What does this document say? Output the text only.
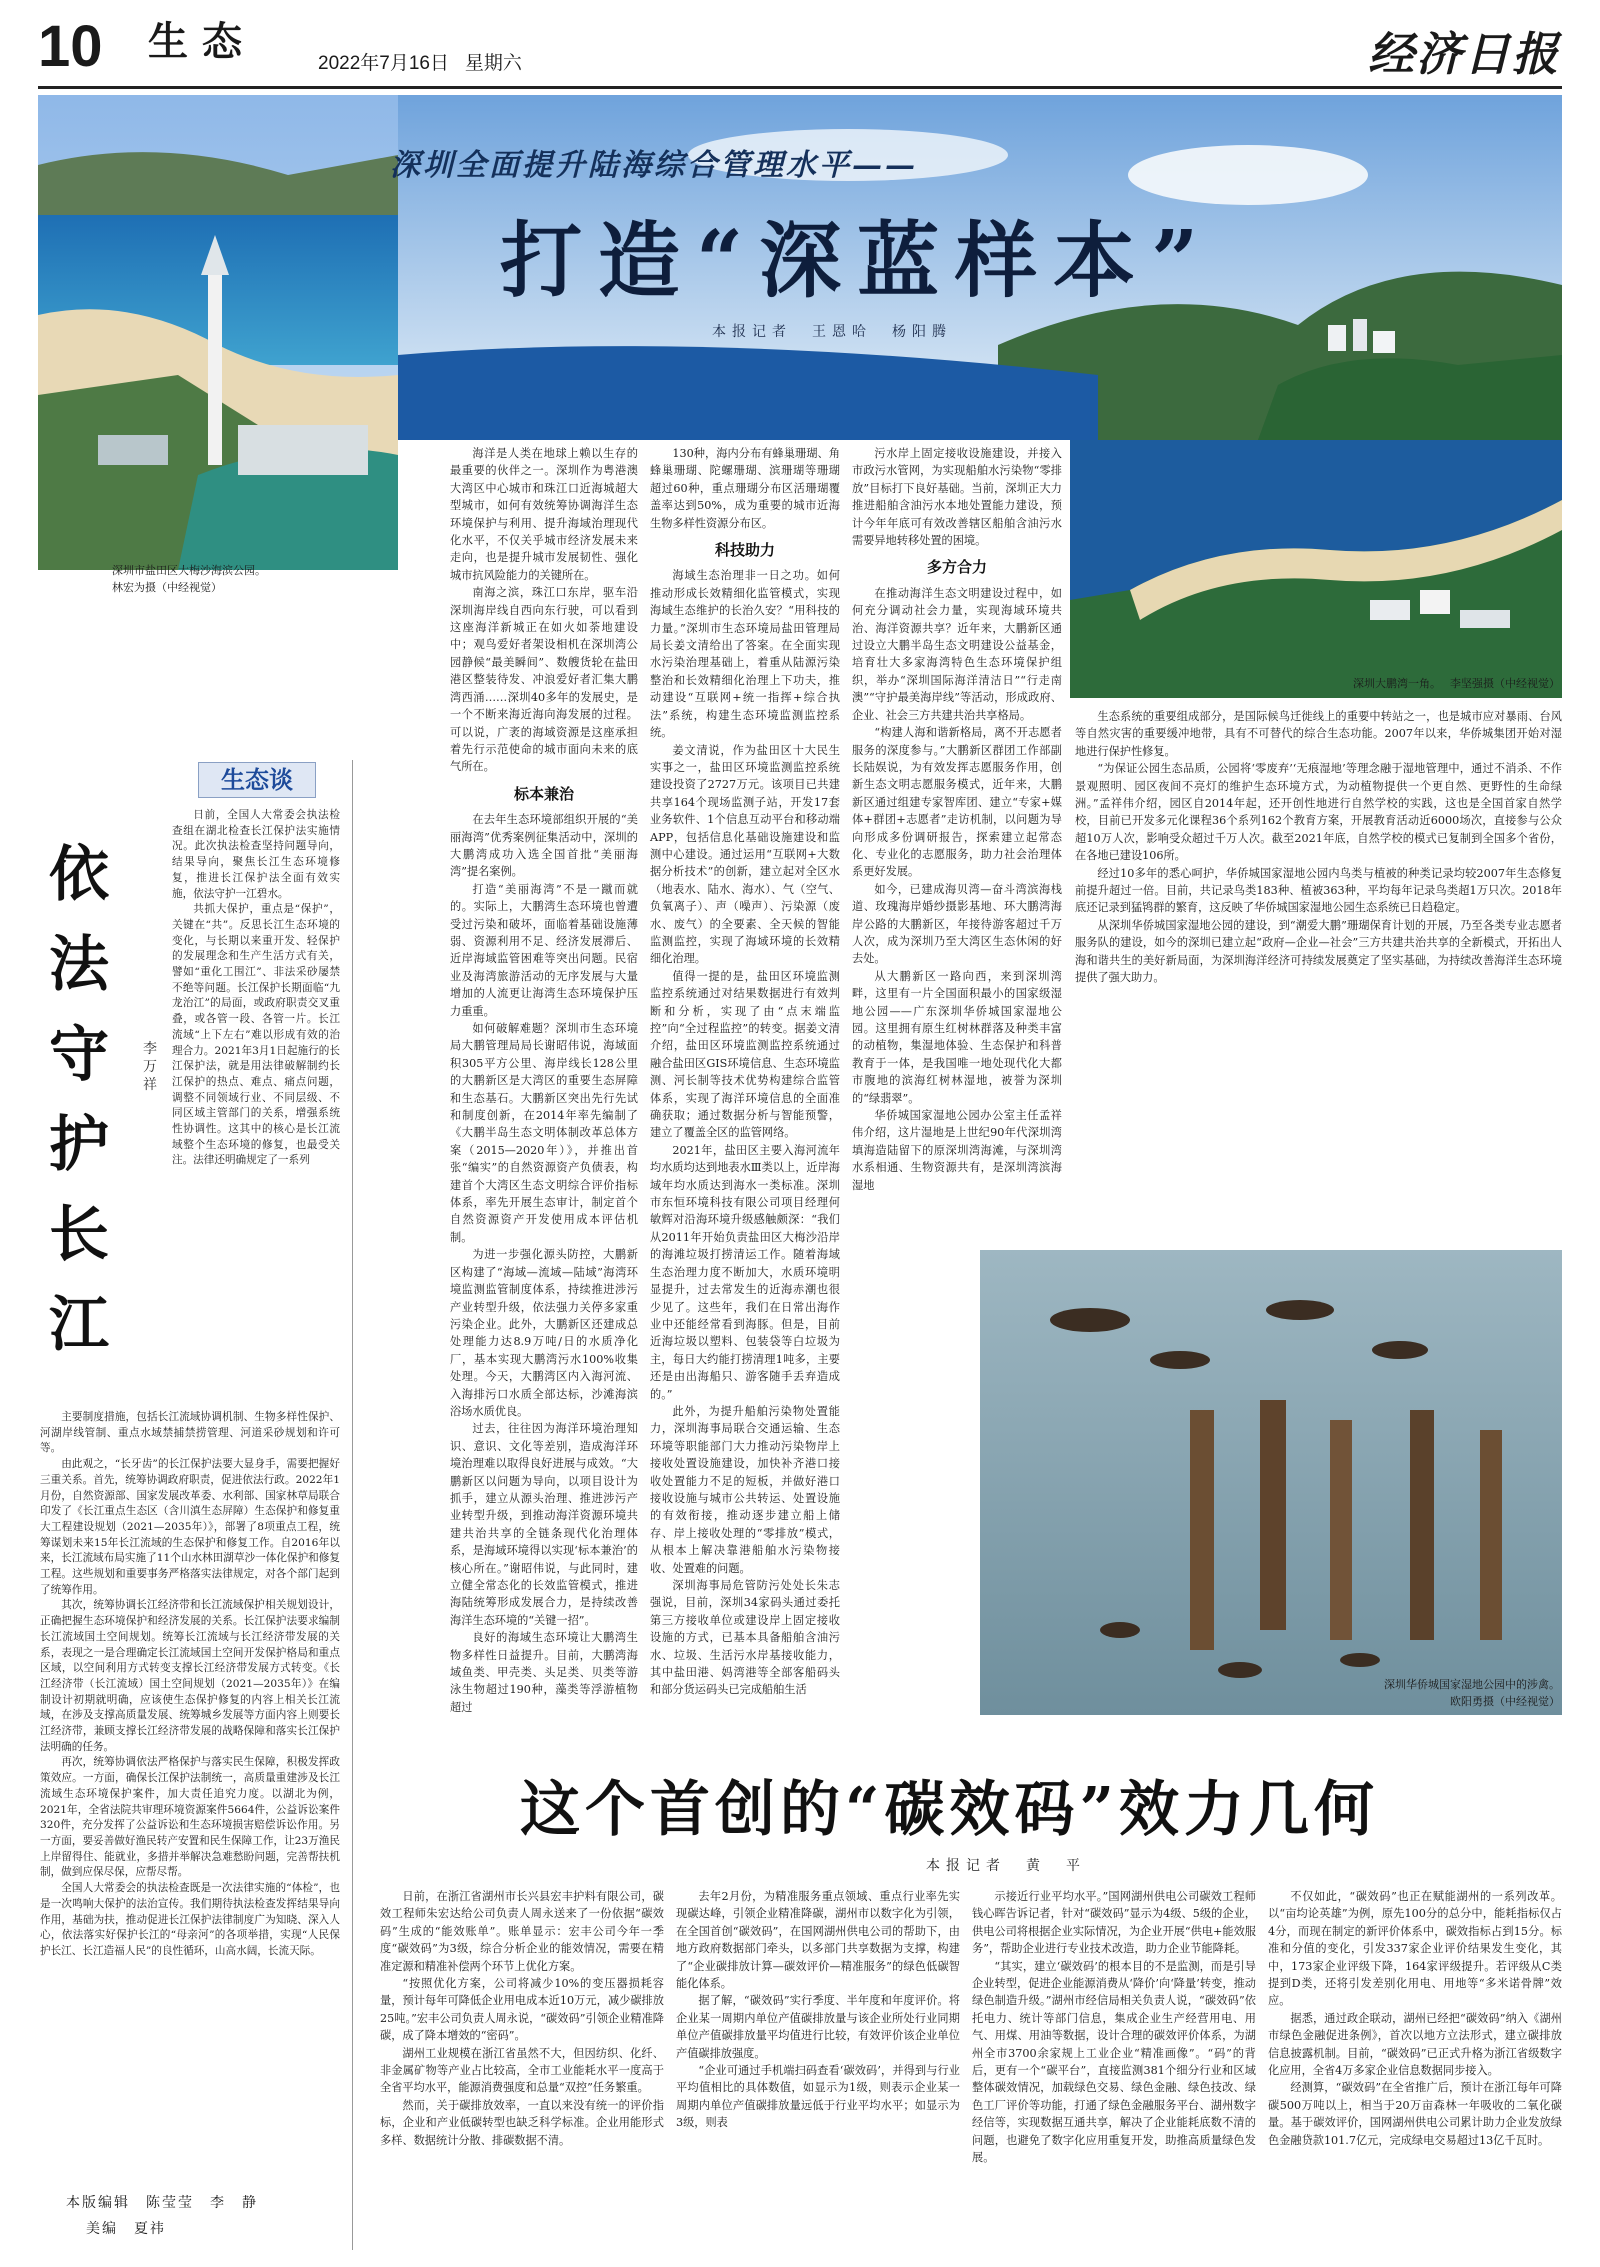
10 生态	2022年7月16日 星期六	经济日报
深圳市盐田区大梅沙海滨公园。
林宏为摄（中经视觉）
深圳大鹏湾一角。　 李坚强摄（中经视觉）
深圳华侨城国家湿地公园中的涉禽。
欧阳勇摄（中经视觉）
深圳全面提升陆海综合管理水平——
打造“深蓝样本”
本报记者　王恩哈　杨阳腾

海洋是人类在地球上赖以生存的最重要的伙伴之一。深圳作为粤港澳大湾区中心城市和珠江口近海城超大型城市，如何有效统筹协调海洋生态环境保护与利用、提升海域治理现代化水平，不仅关乎城市经济发展未来走向，也是提升城市发展韧性、强化城市抗风险能力的关键所在。

南海之滨，珠江口东岸，驱车沿深圳海岸线自西向东行驶，可以看到这座海洋新城正在如火如荼地建设中；观鸟爱好者架设相机在深圳湾公园静候“最美瞬间”、数艘货轮在盐田港区整装待发、冲浪爱好者汇集大鹏湾西涌……深圳40多年的发展史，是一个不断来海近海向海发展的过程。可以说，广袤的海域资源是这座承担着先行示范使命的城市面向未来的底气所在。

标本兼治

在去年生态环境部组织开展的“美丽海湾”优秀案例征集活动中，深圳的大鹏湾成功入选全国首批“美丽海湾”提名案例。

打造“美丽海湾”不是一蹴而就的。实际上，大鹏湾生态环境也曾遭受过污染和破坏，面临着基础设施薄弱、资源利用不足、经济发展滞后、近岸海域监管困难等突出问题。民宿业及海湾旅游活动的无序发展与大量增加的人流更让海湾生态环境保护压力重重。

如何破解难题？深圳市生态环境局大鹏管理局局长谢昭伟说，海域面积305平方公里、海岸线长128公里的大鹏新区是大湾区的重要生态屏障和生态基石。大鹏新区突出先行先试和制度创新，在2014年率先编制了《大鹏半岛生态文明体制改革总体方案（2015—2020年）》，并推出首张“编实”的自然资源资产负债表，构建首个大湾区生态文明综合评价指标体系，率先开展生态审计，制定首个自然资源资产开发使用成本评估机制。

为进一步强化源头防控，大鹏新区构建了“海域—流域—陆域”海湾环境监测监管制度体系，持续推进涉污产业转型升级，依法强力关停多家重污染企业。此外，大鹏新区还建成总处理能力达8.9万吨/日的水质净化厂，基本实现大鹏湾污水100%收集处理。今天，大鹏湾区内入海河流、入海排污口水质全部达标，沙滩海滨浴场水质优良。

过去，往往因为海洋环境治理知识、意识、文化等差别，造成海洋环境治理难以取得良好进展与成效。“大鹏新区以问题为导向，以项目设计为抓手，建立从源头治理、推进涉污产业转型升级，到推动海洋资源环境共建共治共享的全链条现代化治理体系，是海域环境得以实现‘标本兼治’的核心所在。”谢昭伟说，与此同时，建立健全常态化的长效监管模式，推进海陆统筹形成发展合力，是持续改善海洋生态环境的“关键一招”。

良好的海域生态环境让大鹏湾生物多样性日益提升。目前，大鹏湾海域鱼类、甲壳类、头足类、贝类等游泳生物超过190种，藻类等浮游植物超过

130种，海内分布有蜂巢珊瑚、角蜂巢珊瑚、陀螺珊瑚、滨珊瑚等珊瑚超过60种，重点珊瑚分布区活珊瑚覆盖率达到50%，成为重要的城市近海生物多样性资源分布区。

科技助力

海域生态治理非一日之功。如何推动形成长效精细化监管模式，实现海域生态维护的长治久安？“用科技的力量。”深圳市生态环境局盐田管理局局长姜文清给出了答案。在全面实现水污染治理基础上，着重从陆源污染整治和长效精细化治理上下功夫，推动建设“互联网+统一指挥+综合执法”系统，构建生态环境监测监控系统。

姜文清说，作为盐田区十大民生实事之一，盐田区环境监测监控系统建设投资了2727万元。该项目已共建共享164个现场监测子站，开发17套业务软件、1个信息互动平台和移动端APP，包括信息化基础设施建设和监测中心建设。通过运用“互联网+大数据分析技术”的创新，建立起对全区水（地表水、陆水、海水）、气（空气、负氧离子）、声（噪声）、污染源（废水、废气）的全要素、全天候的智能监测监控，实现了海域环境的长效精细化治理。

值得一提的是，盐田区环境监测监控系统通过对结果数据进行有效判断和分析，实现了由“点末端监控”向“全过程监控”的转变。据姜文清介绍，盐田区环境监测监控系统通过融合盐田区GIS环境信息、生态环境监测、河长制等技术优势构建综合监管体系，实现了海洋环境信息的全面准确获取；通过数据分析与智能预警，建立了覆盖全区的监管网络。

2021年，盐田区主要入海河流年均水质均达到地表水Ⅲ类以上，近岸海域年均水质达到海水一类标准。深圳市东恒环境科技有限公司项目经理何敏辉对沿海环境升级感触颇深：“我们从2011年开始负责盐田区大梅沙沿岸的海滩垃圾打捞清运工作。随着海域生态治理力度不断加大，水质环境明显提升，过去常发生的近海赤潮也很少见了。这些年，我们在日常出海作业中还能经常看到海豚。但是，目前近海垃圾以塑料、包装袋等白垃圾为主，每日大约能打捞清理1吨多，主要还是由出海船只、游客随手丢弃造成的。”

此外，为提升船舶污染物处置能力，深圳海事局联合交通运输、生态环境等职能部门大力推动污染物岸上接收处置设施建设，加快补齐港口接收处置能力不足的短板，并做好港口接收设施与城市公共转运、处置设施的有效衔接，推动逐步建立船上储存、岸上接收处理的“零排放”模式，从根本上解决靠港船舶水污染物接收、处置难的问题。

深圳海事局危管防污处处长朱志强说，目前，深圳34家码头通过委托第三方接收单位或建设岸上固定接收设施的方式，已基本具备船舶含油污水、垃圾、生活污水岸基接收能力，其中盐田港、妈湾港等全部客船码头和部分货运码头已完成船舶生活

污水岸上固定接收设施建设，并接入市政污水管网，为实现船舶水污染物“零排放”目标打下良好基础。当前，深圳正大力推进船舶含油污水本地处置能力建设，预计今年年底可有效改善辖区船舶含油污水需要异地转移处置的困境。

多方合力

在推动海洋生态文明建设过程中，如何充分调动社会力量，实现海域环境共治、海洋资源共享？近年来，大鹏新区通过设立大鹏半岛生态文明建设公益基金，培育壮大多家海湾特色生态环境保护组织，举办“深圳国际海洋清洁日”“行走南澳”“守护最美海岸线”等活动，形成政府、企业、社会三方共建共治共享格局。

“构建人海和谐新格局，离不开志愿者服务的深度参与。”大鹏新区群团工作部副长陆娱说，为有效发挥志愿服务作用，创新生态文明志愿服务模式，近年来，大鹏新区通过组建专家智库团、建立“专家+媒体+群团+志愿者”走访机制，以问题为导向形成多份调研报告，探索建立起常态化、专业化的志愿服务，助力社会治理体系更好发展。

如今，已建成海贝湾—奋斗湾滨海栈道、玫瑰海岸婚纱摄影基地、环大鹏湾海岸公路的大鹏新区，年接待游客超过千万人次，成为深圳乃至大湾区生态休闲的好去处。

从大鹏新区一路向西，来到深圳湾畔，这里有一片全国面积最小的国家级湿地公园——广东深圳华侨城国家湿地公园。这里拥有原生红树林群落及种类丰富的动植物，集湿地体验、生态保护和科普教育于一体，是我国唯一地处现代化大都市腹地的滨海红树林湿地，被誉为深圳的“绿翡翠”。

华侨城国家湿地公园办公室主任孟祥伟介绍，这片湿地是上世纪90年代深圳湾填海造陆留下的原深圳湾海滩，与深圳湾水系相通、生物资源共有，是深圳湾滨海湿地

生态系统的重要组成部分，是国际候鸟迁徙线上的重要中转站之一，也是城市应对暴雨、台风等自然灾害的重要缓冲地带，具有不可替代的综合生态功能。2007年以来，华侨城集团开始对湿地进行保护性修复。

“为保证公园生态品质，公园将‘零废弃’‘无痕湿地’等理念融于湿地管理中，通过不消杀、不作景观照明、园区夜间不亮灯的维护生态环境方式，为动植物提供一个更自然、更野性的生命绿洲。”孟祥伟介绍，园区自2014年起，还开创性地进行自然学校的实践，这也是全国首家自然学校，目前已开发多元化课程36个系列162个教育方案，开展教育活动近6000场次，直接参与公众超10万人次，影响受众超过千万人次。截至2021年底，自然学校的模式已复制到全国多个省份，在各地已建设106所。

经过10多年的悉心呵护，华侨城国家湿地公园内鸟类与植被的种类记录均较2007年生态修复前提升超过一倍。目前，共记录鸟类183种、植被363种，平均每年记录鸟类超1万只次。2018年底还记录到猛鸨群的繁育，这反映了华侨城国家湿地公园生态系统已日趋稳定。

从深圳华侨城国家湿地公园的建设，到“潮爱大鹏”珊瑚保育计划的开展，乃至各类专业志愿者服务队的建设，如今的深圳已建立起“政府—企业—社会”三方共建共治共享的全新模式，开拓出人海和谐共生的美好新局面，为深圳海洋经济可持续发展奠定了坚实基础，为持续改善海洋生态环境提供了强大助力。

生态谈
依法守护长江
李万祥

日前，全国人大常委会执法检查组在湖北检查长江保护法实施情况。此次执法检查坚持问题导向，结果导向，聚焦长江生态环境修复，推进长江保护法全面有效实施，依法守护一江碧水。

共抓大保护，重点是“保护”，关键在“共”。反思长江生态环境的变化，与长期以来重开发、轻保护的发展理念和生产生活方式有关，譬如“重化工围江”、非法采砂屡禁不绝等问题。长江保护长期面临“九龙治江”的局面，或政府职责交叉重叠，或各管一段、各管一片。长江流域“上下左右”难以形成有效的治理合力。2021年3月1日起施行的长江保护法，就是用法律破解制约长江保护的热点、难点、痛点问题，调整不同领域行业、不同层级、不同区域主管部门的关系，增强系统性协调性。这其中的核心是长江流域整个生态环境的修复，也最受关注。法律还明确规定了一系列

主要制度措施，包括长江流域协调机制、生物多样性保护、河湖岸线管制、重点水域禁捕禁捞管理、河道采砂规划和许可等。

由此观之，“长牙齿”的长江保护法要大显身手，需要把握好三重关系。首先，统筹协调政府职责，促进依法行政。2022年1月份，自然资源部、国家发展改革委、水利部、国家林草局联合印发了《长江重点生态区（含川滇生态屏障）生态保护和修复重大工程建设规划（2021—2035年）》，部署了8项重点工程，统筹谋划未来15年长江流域的生态保护和修复工作。自2016年以来，长江流域布局实施了11个山水林田湖草沙一体化保护和修复工程。这些规划和重要事务严格落实法律规定，对各个部门起到了统筹作用。

其次，统筹协调长江经济带和长江流域保护相关规划设计，正确把握生态环境保护和经济发展的关系。长江保护法要求编制长江流域国土空间规划。统筹长江流域与长江经济带发展的关系，表现之一是合理确定长江流域国土空间开发保护格局和重点区域，以空间利用方式转变支撑长江经济带发展方式转变。《长江经济带（长江流域）国土空间规划（2021—2035年）》在编制设计初期就明确，应该使生态保护修复的内容上相关长江流域，在涉及支撑高质量发展、统筹城乡发展等方面内容上则要长江经济带，兼顾支撑长江经济带发展的战略保障和落实长江保护法明确的任务。

再次，统筹协调依法严格保护与落实民生保障，积极发挥政策效应。一方面，确保长江保护法制统一，高质量重建涉及长江流域生态环境保护案件，加大责任追究力度。以湖北为例，2021年，全省法院共审理环境资源案件5664件，公益诉讼案件320件，充分发挥了公益诉讼和生态环境损害赔偿诉讼作用。另一方面，要妥善做好渔民转产安置和民生保障工作，让23万渔民上岸留得住、能就业，多措并举解决急难愁盼问题，完善帮扶机制，做到应保尽保，应帮尽帮。

全国人大常委会的执法检查既是一次法律实施的“体检”，也是一次鸣响大保护的法治宣传。我们期待执法检查发挥结果导向作用，基础为扶，推动促进长江保护法律制度广为知晓、深入人心，依法落实好保护长江的“母亲河”的各项举措，实现“人民保护长江、长江造福人民”的良性循环，山高水阔，长流天际。

本版编辑　陈莹莹　李　静
美编　夏祎
这个首创的“碳效码”效力几何
本报记者　黄　平

日前，在浙江省湖州市长兴县宏丰护料有限公司，碳效工程师朱宏达给公司负责人周永送来了一份依据“碳效码”生成的“能效账单”。账单显示：宏丰公司今年一季度“碳效码”为3级，综合分析企业的能效情况，需要在精准定源和精准补偿两个环节上优化方案。

“按照优化方案，公司将减少10%的变压器损耗容量，预计每年可降低企业用电成本近10万元，减少碳排放25吨。”宏丰公司负责人周永说，“碳效码”引领企业精准降碳，成了降本增效的“密码”。

湖州工业规模在浙江省虽然不大，但因纺织、化纤、非金属矿物等产业占比较高，全市工业能耗水平一度高于全省平均水平，能源消费强度和总量“双控”任务繁重。

然而，关于碳排放效率，一直以来没有统一的评价指标，企业和产业低碳转型也缺乏科学标准。企业用能形式多样、数据统计分散、排碳数据不清。

去年2月份，为精准服务重点领域、重点行业率先实现碳达峰，引领企业精准降碳，湖州市以数字化为引领，在全国首创“碳效码”，在国网湖州供电公司的帮助下，由地方政府数据部门牵头，以多部门共享数据为支撑，构建了“企业碳排放计算—碳效评价—精准服务”的绿色低碳智能化体系。

据了解，“碳效码”实行季度、半年度和年度评价。将企业某一周期内单位产值碳排放量与该企业所处行业同期单位产值碳排放量平均值进行比较，有效评价该企业单位产值碳排放强度。

“企业可通过手机端扫码查看‘碳效码’，并得到与行业平均值相比的具体数值，如显示为1级，则表示企业某一周期内单位产值碳排放量远低于行业平均水平；如显示为3级，则表

示接近行业平均水平。”国网湖州供电公司碳效工程师钱心晖告诉记者，针对“碳效码”显示为4级、5级的企业，供电公司将根据企业实际情况，为企业开展“供电+能效服务”，帮助企业进行专业技术改造，助力企业节能降耗。

“其实，建立‘碳效码’的根本目的不是监测，而是引导企业转型，促进企业能源消费从‘降价’向‘降量’转变，推动绿色制造升级。”湖州市经信局相关负责人说，“碳效码”依托电力、统计等部门信息，集成企业生产经营用电、用气、用煤、用油等数据，设计合理的碳效评价体系，为湖州全市3700余家规上工业企业“精准画像”。“码”的背后，更有一个“碳平台”，直接监测381个细分行业和区域整体碳效情况，加载绿色交易、绿色金融、绿色技改、绿色工厂评价等功能，打通了绿色金融服务平台、湖州数字经信等，实现数据互通共享，解决了企业能耗底数不清的问题，也避免了数字化应用重复开发，助推高质量绿色发展。

不仅如此，“碳效码”也正在赋能湖州的一系列改革。以“亩均论英雄”为例，原先100分的总分中，能耗指标仅占4分，而现在制定的新评价体系中，碳效指标占到15分。标准和分值的变化，引发337家企业评价结果发生变化，其中，173家企业评级下降，164家评级提升。若评级从C类提到D类，还将引发差别化用电、用地等“多米诺骨牌”效应。

据悉，通过政企联动，湖州已经把“碳效码”纳入《湖州市绿色金融促进条例》，首次以地方立法形式，建立碳排放信息披露机制。目前，“碳效码”已正式升格为浙江省级数字化应用，全省4万多家企业信息数据同步接入。

经测算，“碳效码”在全省推广后，预计在浙江每年可降碳500万吨以上，相当于20万亩森林一年吸收的二氧化碳量。基于碳效评价，国网湖州供电公司累计助力企业发放绿色金融贷款101.7亿元，完成绿电交易超过13亿千瓦时。
